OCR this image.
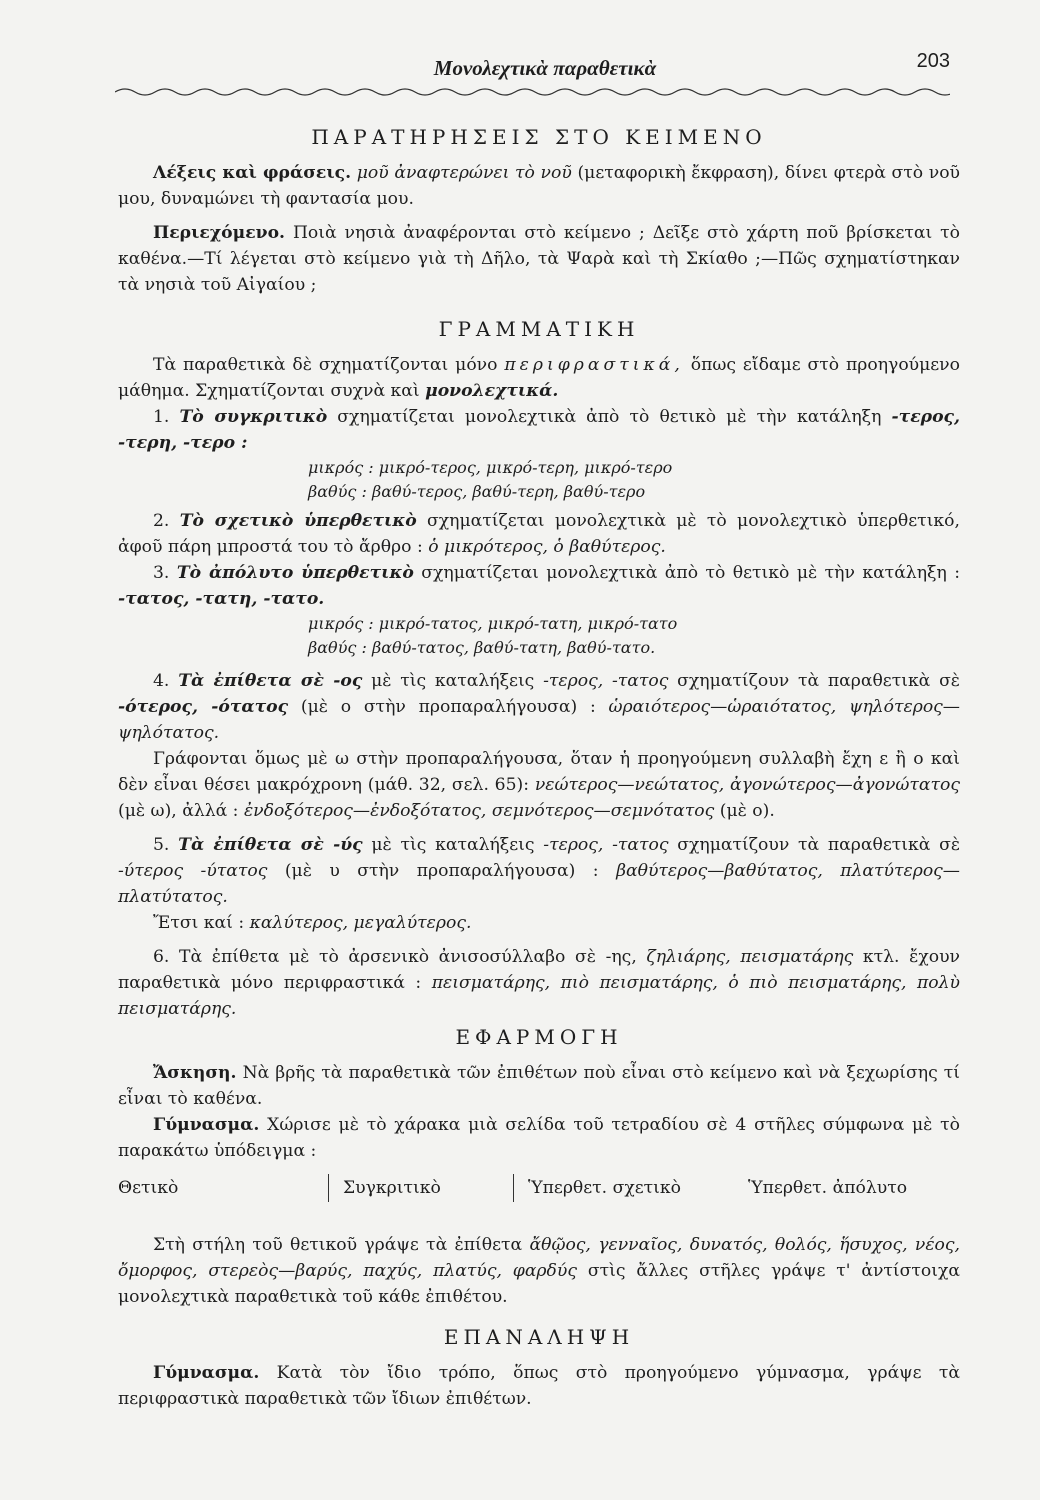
Μονολεχτικὰ παραθετικὰ	203
ΠΑΡΑΤΗΡΗΣΕΙΣ ΣΤΟ ΚΕΙΜΕΝΟ

Λέξεις καὶ φράσεις. μοῦ ἀναφτερώνει τὸ νοῦ (μεταφορικὴ ἔκφραση), δίνει φτερὰ στὸ νοῦ μου, δυναμώνει τὴ φαντασία μου.

Περιεχόμενο. Ποιὰ νησιὰ ἀναφέρονται στὸ κείμενο ; Δεῖξε στὸ χάρτη ποῦ βρίσκεται τὸ καθένα.—Τί λέγεται στὸ κείμενο γιὰ τὴ Δῆλο, τὰ Ψαρὰ καὶ τὴ Σκίαθο ;—Πῶς σχηματίστηκαν τὰ νησιὰ τοῦ Αἰγαίου ;

ΓΡΑΜΜΑΤΙΚΗ

Τὰ παραθετικὰ δὲ σχηματίζονται μόνο περιφραστικά, ὅπως εἴδαμε στὸ προηγούμενο μάθημα. Σχηματίζονται συχνὰ καὶ μονολεχτικά.

1. Τὸ συγκριτικὸ σχηματίζεται μονολεχτικὰ ἀπὸ τὸ θετικὸ μὲ τὴν κατάληξη -τερος, -τερη, -τερο :

μικρός : μικρό-τερος, μικρό-τερη, μικρό-τερο
βαθύς : βαθύ-τερος, βαθύ-τερη, βαθύ-τερο

2. Τὸ σχετικὸ ὑπερθετικὸ σχηματίζεται μονολεχτικὰ μὲ τὸ μονολεχτικὸ ὑπερθετικό, ἀφοῦ πάρη μπροστά του τὸ ἄρθρο : ὁ μικρότερος, ὁ βαθύτερος.

3. Τὸ ἀπόλυτο ὑπερθετικὸ σχηματίζεται μονολεχτικὰ ἀπὸ τὸ θετικὸ μὲ τὴν κατάληξη : -τατος, -τατη, -τατο.

μικρός : μικρό-τατος, μικρό-τατη, μικρό-τατο
βαθύς : βαθύ-τατος, βαθύ-τατη, βαθύ-τατο.

4. Τὰ ἐπίθετα σὲ -ος μὲ τὶς καταλήξεις -τερος, -τατος σχηματίζουν τὰ παραθετικὰ σὲ -ότερος, -ότατος (μὲ ο στὴν προπαραλήγουσα) : ὡραιότερος—ὡραιότατος, ψηλότερος—ψηλότατος.

Γράφονται ὅμως μὲ ω στὴν προπαραλήγουσα, ὅταν ἡ προηγούμενη συλλαβὴ ἔχη ε ἢ ο καὶ δὲν εἶναι θέσει μακρόχρονη (μάθ. 32, σελ. 65): νεώτερος—νεώτατος, ἀγονώτερος—ἀγονώτατος (μὲ ω), ἀλλά : ἐνδοξότερος—ἐνδοξότατος, σεμνότερος—σεμνότατος (μὲ ο).

5. Τὰ ἐπίθετα σὲ -ύς μὲ τὶς καταλήξεις -τερος, -τατος σχηματίζουν τὰ παραθετικὰ σὲ -ύτερος -ύτατος (μὲ υ στὴν προπαραλήγουσα) : βαθύτερος—βαθύτατος, πλατύτερος—πλατύτατος.

Ἔτσι καί : καλύτερος, μεγαλύτερος.

6. Τὰ ἐπίθετα μὲ τὸ ἀρσενικὸ ἀνισοσύλλαβο σὲ -ης, ζηλιάρης, πεισματάρης κτλ. ἔχουν παραθετικὰ μόνο περιφραστικά : πεισματάρης, πιὸ πεισματάρης, ὁ πιὸ πεισματάρης, πολὺ πεισματάρης.

ΕΦΑΡΜΟΓΗ

Ἄσκηση. Νὰ βρῆς τὰ παραθετικὰ τῶν ἐπιθέτων ποὺ εἶναι στὸ κείμενο καὶ νὰ ξεχωρίσης τί εἶναι τὸ καθένα.

Γύμνασμα. Χώρισε μὲ τὸ χάρακα μιὰ σελίδα τοῦ τετραδίου σὲ 4 στῆλες σύμφωνα μὲ τὸ παρακάτω ὑπόδειγμα :

Θετικὸ	Συγκριτικὸ	Ὑπερθετ. σχετικὸ	Ὑπερθετ. ἀπόλυτο

Στὴ στήλη τοῦ θετικοῦ γράψε τὰ ἐπίθετα ἄθῷος, γενναῖος, δυνατός, θολός, ἥσυχος, νέος, ὄμορφος, στερεὸς—βαρύς, παχύς, πλατύς, φαρδύς στὶς ἄλλες στῆλες γράψε τ' ἀντίστοιχα μονολεχτικὰ παραθετικὰ τοῦ κάθε ἐπιθέτου.

ΕΠΑΝΑΛΗΨΗ

Γύμνασμα. Κατὰ τὸν ἴδιο τρόπο, ὅπως στὸ προηγούμενο γύμνασμα, γράψε τὰ περιφραστικὰ παραθετικὰ τῶν ἴδιων ἐπιθέτων.
